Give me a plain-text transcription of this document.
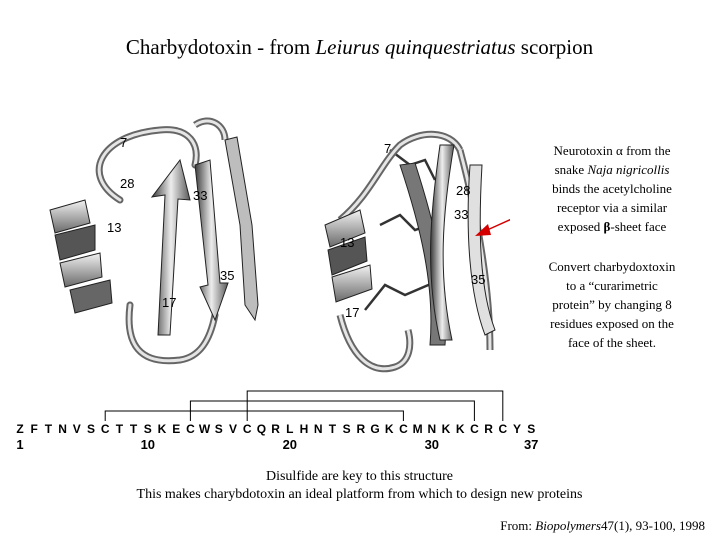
Charbydotoxin - from Leiurus quinquestriatus scorpion
7
28
33
13
35
17
7
28
33
13
35
17
Neurotoxin α from the
snake Naja nigricollis
binds the acetylcholine
receptor via a similar
exposed β-sheet face
Convert charbydoxtoxin
to a “curarimetric
protein” by changing 8
residues exposed on the
face of the sheet.
Z F T N V S C T T S K E C W S V C Q R L H N T S R G K C M N K K C R C Y S
1	10	20	30	37
Disulfide are key to this structure
This makes charybdotoxin an ideal platform from which to design new proteins
From: Biopolymers47(1), 93-100, 1998
